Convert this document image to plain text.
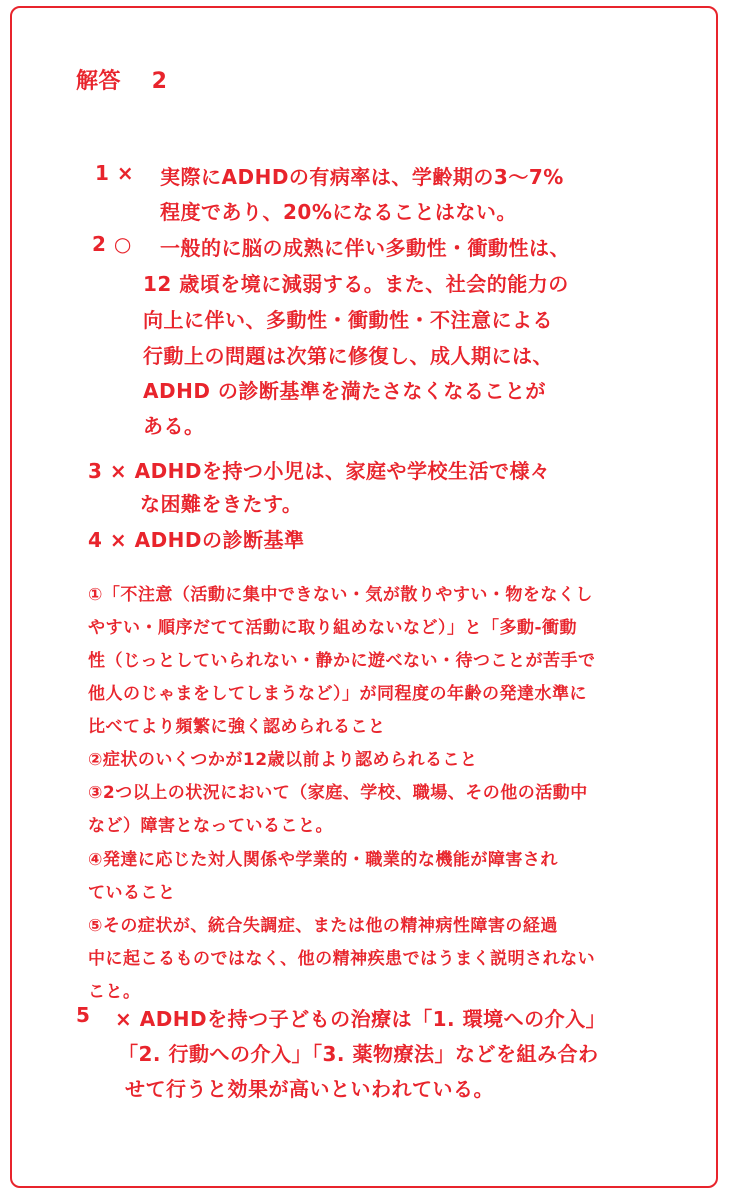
解答　 2
1 × 実際にADHDの有病率は、学齢期の3～7%
程度であり、20%になることはない。
2 ○ 一般的に脳の成熟に伴い多動性・衝動性は、
12 歳頃を境に減弱する。また、社会的能力の
向上に伴い、多動性・衝動性・不注意による
行動上の問題は次第に修復し、成人期には、
ADHD の診断基準を満たさなくなることが
ある。
3 × ADHDを持つ小児は、家庭や学校生活で様々
な困難をきたす。
4 × ADHDの診断基準
①「不注意（活動に集中できない・気が散りやすい・物をなくし
やすい・順序だてて活動に取り組めないなど）」と「多動-衝動
性（じっとしていられない・静かに遊べない・待つことが苦手で
他人のじゃまをしてしまうなど）」が同程度の年齢の発達水準に
比べてより頻繁に強く認められること
②症状のいくつかが12歳以前より認められること
③2つ以上の状況において（家庭、学校、職場、その他の活動中
など）障害となっていること。
④発達に応じた対人関係や学業的・職業的な機能が障害され
ていること
⑤その症状が、統合失調症、または他の精神病性障害の経過
中に起こるものではなく、他の精神疾患ではうまく説明されない
こと。
5 × ADHDを持つ子どもの治療は「1. 環境への介入」
「2. 行動への介入」「3. 薬物療法」などを組み合わ
せて行うと効果が高いといわれている。
